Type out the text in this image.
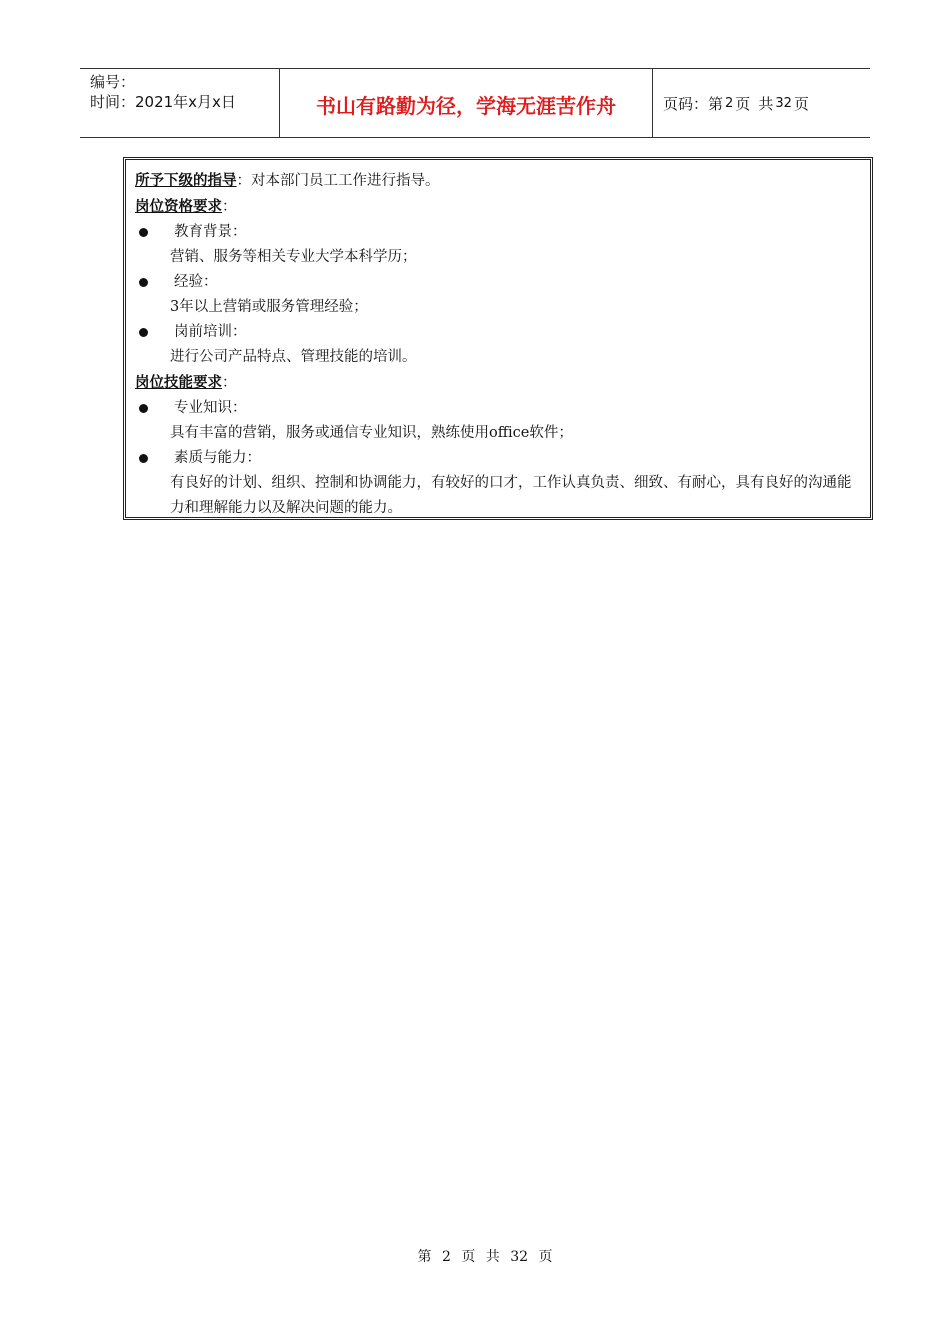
编号：
时间：2021年x月x日	书山有路勤为径，学海无涯苦作舟	页码：第 2 页 共 32 页
所予下级的指导：对本部门员工工作进行指导。
岗位资格要求：
教育背景：
营销、服务等相关专业大学本科学历；
经验：
3年以上营销或服务管理经验；
岗前培训：
进行公司产品特点、管理技能的培训。
岗位技能要求：
专业知识：
具有丰富的营销，服务或通信专业知识，熟练使用office软件；
素质与能力：
有良好的计划、组织、控制和协调能力，有较好的口才，工作认真负责、细致、有耐心，具有良好的沟通能力和理解能力以及解决问题的能力。
第 2 页 共 32 页
